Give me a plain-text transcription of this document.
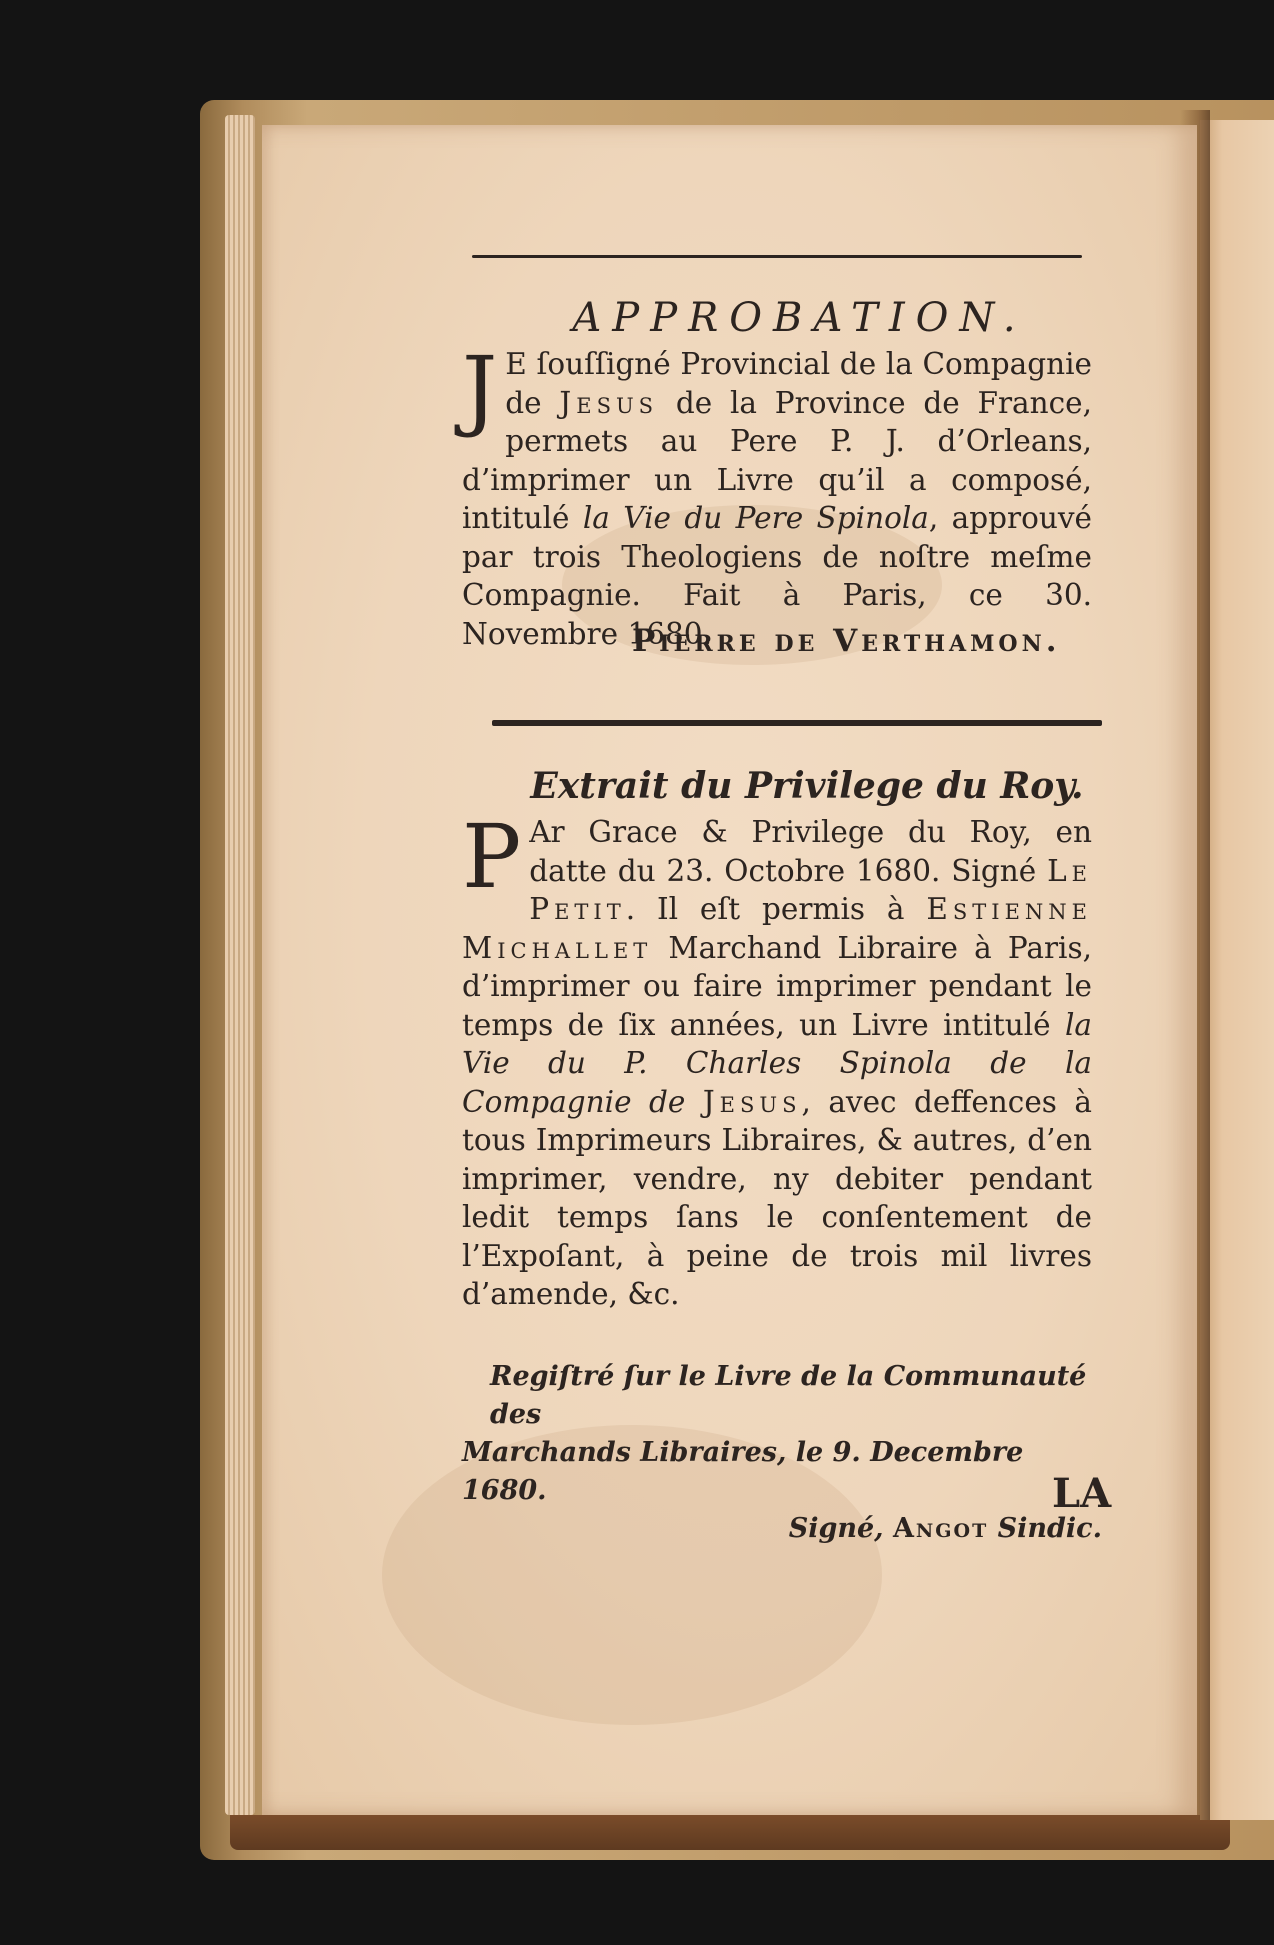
APPROBATION.
J E ſouſſigné Provincial de la Compagnie de Jesus de la Province de France, permets au Pere P. J. d’Orleans, d’imprimer un Livre qu’il a composé, intitulé la Vie du Pere Spinola, approuvé par trois Theologiens de noſtre meſme Compagnie. Fait à Paris, ce 30. Novembre 1680.
Pierre de Verthamon.
Extrait du Privilege du Roy.
P Ar Grace & Privilege du Roy, en datte du 23. Octobre 1680. Signé Le Petit. Il eſt permis à Estienne Michallet Marchand Libraire à Paris, d’imprimer ou faire imprimer pendant le temps de ſix années, un Livre intitulé la Vie du P. Charles Spinola de la Compagnie de Jesus, avec deffences à tous Imprimeurs Libraires, & autres, d’en imprimer, vendre, ny debiter pendant ledit temps ſans le conſentement de l’Expoſant, à peine de trois mil livres d’amende, &c.
Regiſtré ſur le Livre de la Communauté des
Marchands Libraires, le 9. Decembre 1680.
Signé, Angot Sindic.
LA
